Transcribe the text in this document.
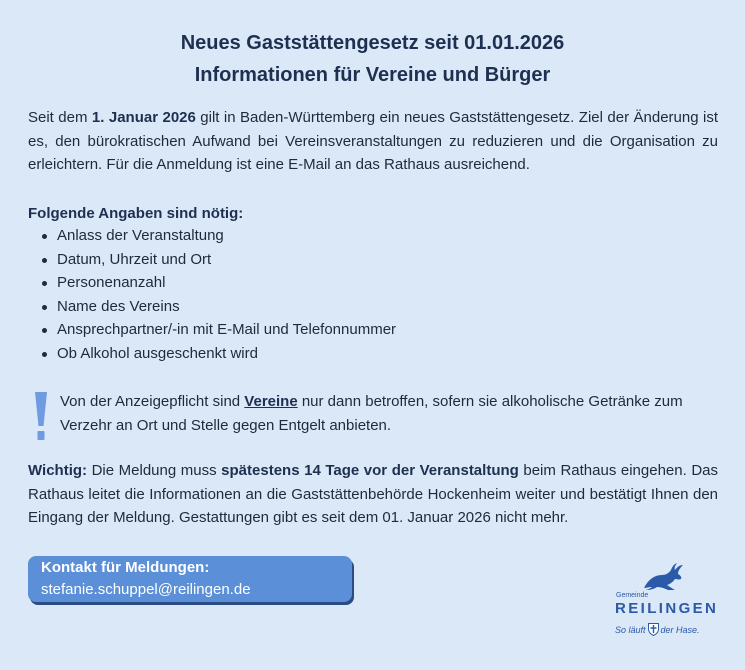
Neues Gaststättengesetz seit 01.01.2026
Informationen für Vereine und Bürger

Seit dem 1. Januar 2026 gilt in Baden-Württemberg ein neues Gaststättengesetz. Ziel der Änderung ist es, den bürokratischen Aufwand bei Vereinsveranstaltungen zu reduzieren und die Organisation zu erleichtern. Für die Anmeldung ist eine E-Mail an das Rathaus ausreichend.

Folgende Angaben sind nötig:
Anlass der Veranstaltung
Datum, Uhrzeit und Ort
Personenanzahl
Name des Vereins
Ansprechpartner/-in mit E-Mail und Telefonnummer
Ob Alkohol ausgeschenkt wird

Von der Anzeigepflicht sind Vereine nur dann betroffen, sofern sie alkoholische Getränke zum Verzehr an Ort und Stelle gegen Entgelt anbieten.

Wichtig: Die Meldung muss spätestens 14 Tage vor der Veranstaltung beim Rathaus eingehen. Das Rathaus leitet die Informationen an die Gaststättenbehörde Hockenheim weiter und bestätigt Ihnen den Eingang der Meldung. Gestattungen gibt es seit dem 01. Januar 2026 nicht mehr.

Kontakt für Meldungen:
stefanie.schuppel@reilingen.de	Gemeinde
REILINGEN
So läuft der Hase.
